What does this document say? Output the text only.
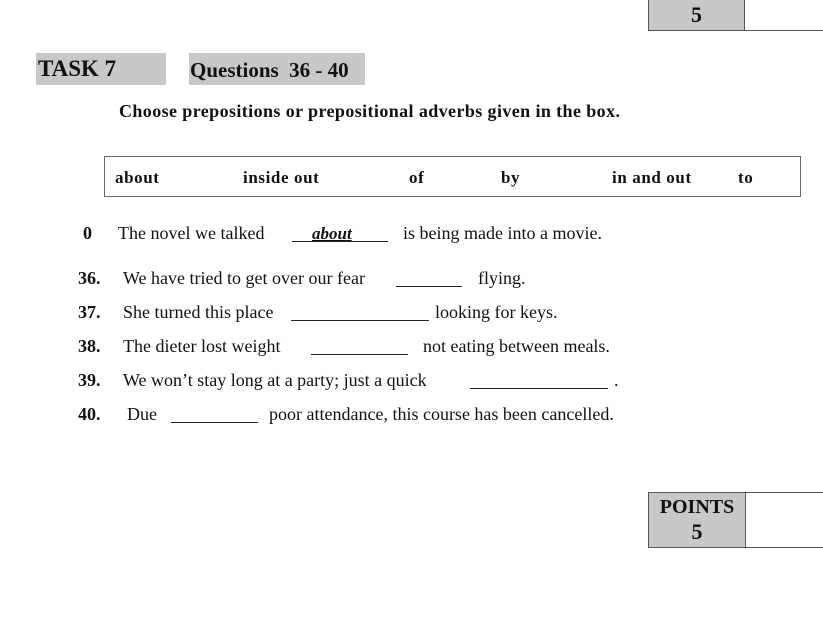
5
TASK 7	Questions  36 - 40
Choose prepositions or prepositional adverbs given in the box.
about	inside out	of	by	in and out	to
0 The novel we talked	about	is being made into a movie.
36. We have tried to get over our fear	flying.
37. She turned this place	looking for keys.
38. The dieter lost weight	not eating between meals.
39. We won’t stay long at a party; just a quick	.
40. Due	poor attendance, this course has been cancelled.
POINTS
5
